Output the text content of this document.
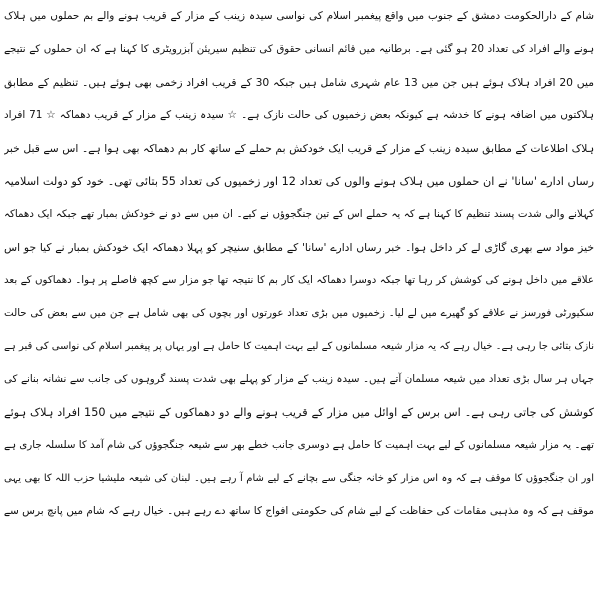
شام کے دارالحکومت دمشق کے جنوب میں واقع پیغمبر اسلام کی نواسی سیدہ زینب کے مزار کے قریب ہونے والے بم حملوں میں ہلاک
ہونے والے افراد کی تعداد 20 ہو گئی ہے۔ برطانیہ میں قائم انسانی حقوق کی تنظیم سیریئن آبزرویٹری کا کہنا ہے کہ ان حملوں کے نتیجے
میں 20 افراد ہلاک ہوئے ہیں جن میں 13 عام شہری شامل ہیں جبکہ 30 کے قریب افراد زخمی بھی ہوئے ہیں۔ تنظیم کے مطابق
ہلاکتوں میں اضافہ ہونے کا خدشہ ہے کیونکہ بعض زخمیوں کی حالت نازک ہے۔ ☆ سیدہ زینب کے مزار کے قریب دھماکہ ☆ 71 افراد
ہلاک اطلاعات کے مطابق سیدہ زینب کے مزار کے قریب ایک خودکش بم حملے کے ساتھ کار بم دھماکہ بھی ہوا ہے۔ اس سے قبل خبر
رساں ادارے 'سانا' نے ان حملوں میں ہلاک ہونے والوں کی تعداد 12 اور زخمیوں کی تعداد 55 بتائی تھی۔ خود کو دولت اسلامیہ
کہلانے والی شدت پسند تنظیم کا کہنا ہے کہ یہ حملے اس کے تین جنگجوؤں نے کیے۔ ان میں سے دو نے خودکش بمبار تھے جبکہ ایک دھماکہ
خیز مواد سے بھری گاڑی لے کر داخل ہوا۔ خبر رساں ادارے 'سانا' کے مطابق سنیچر کو پہلا دھماکہ ایک خودکش بمبار نے کیا جو اس
علاقے میں داخل ہونے کی کوشش کر رہا تھا جبکہ دوسرا دھماکہ ایک کار بم کا نتیجہ تھا جو مزار سے کچھ فاصلے پر ہوا۔ دھماکوں کے بعد
سکیورٹی فورسز نے علاقے کو گھیرے میں لے لیا۔ زخمیوں میں بڑی تعداد عورتوں اور بچوں کی بھی شامل ہے جن میں سے بعض کی حالت
نازک بتائی جا رہی ہے۔ خیال رہے کہ یہ مزار شیعہ مسلمانوں کے لیے بہت اہمیت کا حامل ہے اور یہاں پر پیغمبر اسلام کی نواسی کی قبر ہے
جہاں ہر سال بڑی تعداد میں شیعہ مسلمان آتے ہیں۔ سیدہ زینب کے مزار کو پہلے بھی شدت پسند گروہوں کی جانب سے نشانہ بنانے کی
کوشش کی جاتی رہی ہے۔ اس برس کے اوائل میں مزار کے قریب ہونے والے دو دھماکوں کے نتیجے میں 150 افراد ہلاک ہوئے
تھے۔ یہ مزار شیعہ مسلمانوں کے لیے بہت اہمیت کا حامل ہے دوسری جانب خطے بھر سے شیعہ جنگجوؤں کی شام آمد کا سلسلہ جاری ہے
اور ان جنگجوؤں کا موقف ہے کہ وہ اس مزار کو خانہ جنگی سے بچانے کے لیے شام آ رہے ہیں۔ لبنان کی شیعہ ملیشیا حزب اللہ کا بھی یہی
موقف ہے کہ وہ مذہبی مقامات کی حفاظت کے لیے شام کی حکومتی افواج کا ساتھ دے رہے ہیں۔ خیال رہے کہ شام میں پانچ برس سے
